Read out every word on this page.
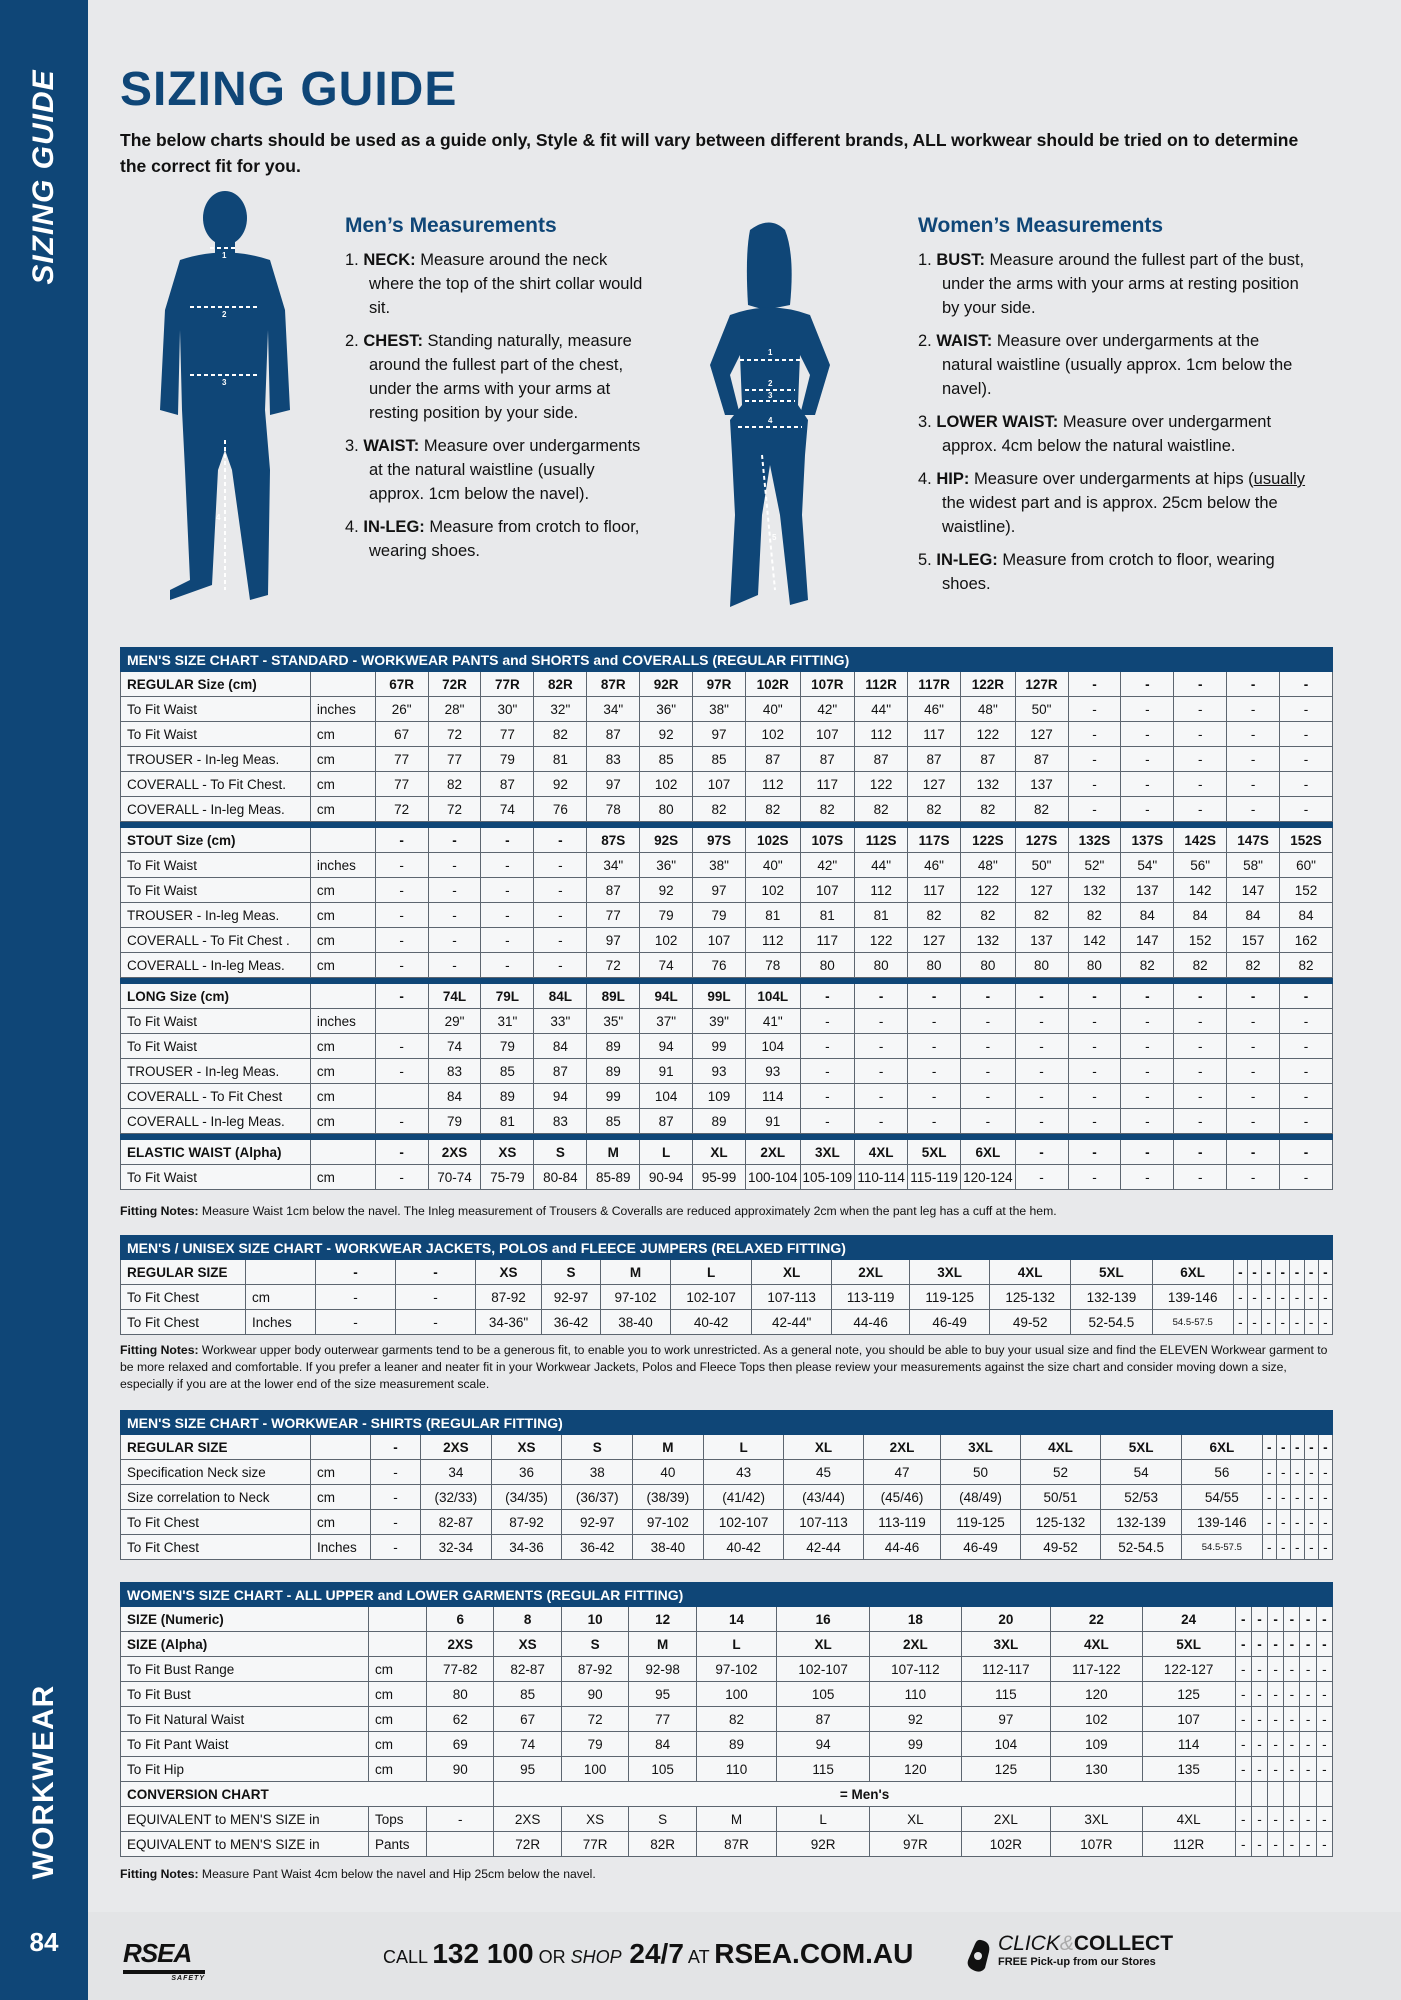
SIZING GUIDE
WORKWEAR
84
SIZING GUIDE

The below charts should be used as a guide only, Style & fit will vary between different brands, ALL workwear should be tried on to determine the correct fit for you.

1
2
3
4
Men’s Measurements
1. NECK: Measure around the neck where the top of the shirt collar would sit.
2. CHEST: Standing naturally, measure around the fullest part of the chest, under the arms with your arms at resting position by your side.
3. WAIST: Measure over undergarments at the natural waistline (usually approx. 1cm below the navel).
4. IN-LEG: Measure from crotch to floor, wearing shoes.
1
2
3
4
5
Women’s Measurements
1. BUST: Measure around the fullest part of the bust, under the arms with your arms at resting position by your side.
2. WAIST: Measure over undergarments at the natural waistline (usually approx. 1cm below the navel).
3. LOWER WAIST: Measure over undergarment approx. 4cm below the natural waistline.
4. HIP: Measure over undergarments at hips (usually the widest part and is approx. 25cm below the waistline).
5. IN-LEG: Measure from crotch to floor, wearing shoes.
MEN'S SIZE CHART - STANDARD - WORKWEAR PANTS and SHORTS and COVERALLS (REGULAR FITTING)																			
REGULAR Size (cm)		67R	72R	77R	82R	87R	92R	97R	102R	107R	112R	117R	122R	127R	-	-	-	-	-
To Fit Waist	inches	26"	28"	30"	32"	34"	36"	38"	40"	42"	44"	46"	48"	50"	-	-	-	-	-
To Fit Waist	cm	67	72	77	82	87	92	97	102	107	112	117	122	127	-	-	-	-	-
TROUSER - In-leg Meas.	cm	77	77	79	81	83	85	85	87	87	87	87	87	87	-	-	-	-	-
COVERALL - To Fit Chest.	cm	77	82	87	92	97	102	107	112	117	122	127	132	137	-	-	-	-	-
COVERALL - In-leg Meas.	cm	72	72	74	76	78	80	82	82	82	82	82	82	82	-	-	-	-	-

STOUT Size (cm)		-	-	-	-	87S	92S	97S	102S	107S	112S	117S	122S	127S	132S	137S	142S	147S	152S
To Fit Waist	inches	-	-	-	-	34"	36"	38"	40"	42"	44"	46"	48"	50"	52"	54"	56"	58"	60"
To Fit Waist	cm	-	-	-	-	87	92	97	102	107	112	117	122	127	132	137	142	147	152
TROUSER - In-leg Meas.	cm	-	-	-	-	77	79	79	81	81	81	82	82	82	82	84	84	84	84
COVERALL - To Fit Chest .	cm	-	-	-	-	97	102	107	112	117	122	127	132	137	142	147	152	157	162
COVERALL - In-leg Meas.	cm	-	-	-	-	72	74	76	78	80	80	80	80	80	80	82	82	82	82

LONG Size (cm)		-	74L	79L	84L	89L	94L	99L	104L	-	-	-	-	-	-	-	-	-	-
To Fit Waist	inches		29"	31"	33"	35"	37"	39"	41"	-	-	-	-	-	-	-	-	-	-
To Fit Waist	cm	-	74	79	84	89	94	99	104	-	-	-	-	-	-	-	-	-	-
TROUSER - In-leg Meas.	cm	-	83	85	87	89	91	93	93	-	-	-	-	-	-	-	-	-	-
COVERALL - To Fit Chest	cm		84	89	94	99	104	109	114	-	-	-	-	-	-	-	-	-	-
COVERALL - In-leg Meas.	cm	-	79	81	83	85	87	89	91	-	-	-	-	-	-	-	-	-	-

ELASTIC WAIST (Alpha)		-	2XS	XS	S	M	L	XL	2XL	3XL	4XL	5XL	6XL	-	-	-	-	-	-
To Fit Waist	cm	-	70-74	75-79	80-84	85-89	90-94	95-99	100-104	105-109	110-114	115-119	120-124	-	-	-	-	-	-
Fitting Notes: Measure Waist 1cm below the navel. The Inleg measurement of Trousers & Coveralls are reduced approximately 2cm when the pant leg has a cuff at the hem.
MEN'S / UNISEX SIZE CHART - WORKWEAR JACKETS, POLOS and FLEECE JUMPERS (RELAXED FITTING)																				
REGULAR SIZE		-	-	XS	S	M	L	XL	2XL	3XL	4XL	5XL	6XL	-	-	-	-	-	-	-
To Fit Chest	cm	-	-	87-92	92-97	97-102	102-107	107-113	113-119	119-125	125-132	132-139	139-146	-	-	-	-	-	-	-
To Fit Chest	Inches	-	-	34-36"	36-42	38-40	40-42	42-44"	44-46	46-49	49-52	52-54.5	54.5-57.5	-	-	-	-	-	-	-
Fitting Notes: Workwear upper body outerwear garments tend to be a generous fit, to enable you to work unrestricted. As a general note, you should be able to buy your usual size and find the ELEVEN Workwear garment to be more relaxed and comfortable. If you prefer a leaner and neater fit in your Workwear Jackets, Polos and Fleece Tops then please review your measurements against the size chart and consider moving down a size, especially if you are at the lower end of the size measurement scale.
MEN'S SIZE CHART - WORKWEAR - SHIRTS (REGULAR FITTING)																		
REGULAR SIZE		-	2XS	XS	S	M	L	XL	2XL	3XL	4XL	5XL	6XL	-	-	-	-	-
Specification Neck size	cm	-	34	36	38	40	43	45	47	50	52	54	56	-	-	-	-	-
Size correlation to Neck	cm	-	(32/33)	(34/35)	(36/37)	(38/39)	(41/42)	(43/44)	(45/46)	(48/49)	50/51	52/53	54/55	-	-	-	-	-
To Fit Chest	cm	-	82-87	87-92	92-97	97-102	102-107	107-113	113-119	119-125	125-132	132-139	139-146	-	-	-	-	-
To Fit Chest	Inches	-	32-34	34-36	36-42	38-40	40-42	42-44	44-46	46-49	49-52	52-54.5	54.5-57.5	-	-	-	-	-
WOMEN'S SIZE CHART - ALL UPPER and LOWER GARMENTS (REGULAR FITTING)																	
SIZE (Numeric)		6	8	10	12	14	16	18	20	22	24	-	-	-	-	-	-
SIZE (Alpha)		2XS	XS	S	M	L	XL	2XL	3XL	4XL	5XL	-	-	-	-	-	-
To Fit Bust Range	cm	77-82	82-87	87-92	92-98	97-102	102-107	107-112	112-117	117-122	122-127	-	-	-	-	-	-
To Fit Bust	cm	80	85	90	95	100	105	110	115	120	125	-	-	-	-	-	-
To Fit Natural Waist	cm	62	67	72	77	82	87	92	97	102	107	-	-	-	-	-	-
To Fit Pant Waist	cm	69	74	79	84	89	94	99	104	109	114	-	-	-	-	-	-
To Fit Hip	cm	90	95	100	105	110	115	120	125	130	135	-	-	-	-	-	-
CONVERSION CHART			= Men's														
EQUIVALENT to MEN'S SIZE in	Tops	-	2XS	XS	S	M	L	XL	2XL	3XL	4XL	-	-	-	-	-	-
EQUIVALENT to MEN'S SIZE in	Pants		72R	77R	82R	87R	92R	97R	102R	107R	112R	-	-	-	-	-	-
Fitting Notes: Measure Pant Waist 4cm below the navel and Hip 25cm below the navel.
RSEA
SAFETY
CALL 132 100 OR SHOP 24/7 AT RSEA.COM.AU	CLICK&COLLECT
FREE Pick-up from our Stores
